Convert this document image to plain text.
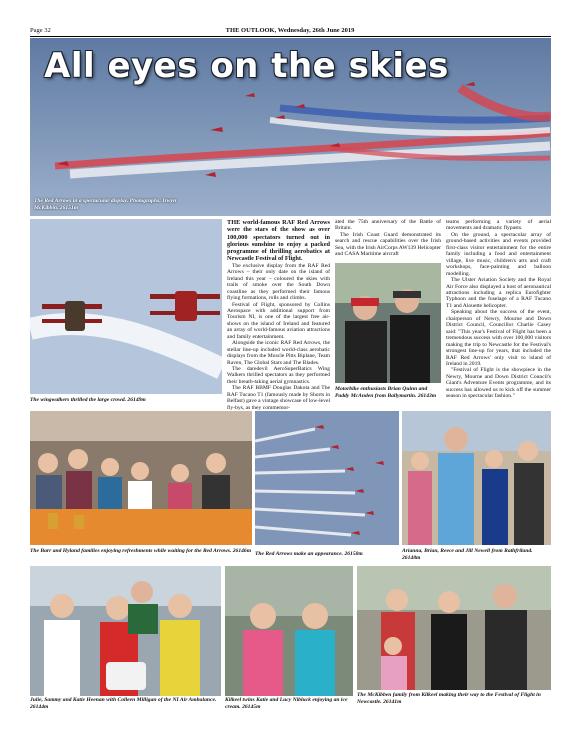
Page 32	THE OUTLOOK, Wednesday, 26th June 2019
All eyes on the skies
The Red Arrows in a spectacular display. Photographs: Irwyn McKibbin. 26151m
The wingwalkers thrilled the large crowd. 26149m

THE world-famous RAF Red Arrows were the stars of the show as over 100,000 spectators turned out in glorious sunshine to enjoy a packed programme of thrilling aerobatics at Newcastle Festival of Flight.

The exclusive display from the RAF Red Arrows – their only date on the island of Ireland this year – coloured the skies with trails of smoke over the South Down coastline as they performed their famous flying formations, rolls and climbs.

Festival of Flight, sponsored by Collins Aerospace with additional support from Tourism NI, is one of the largest free air-shows on the island of Ireland and featured an array of world-famous aviation attractions and family entertainment.

Alongside the iconic RAF Red Arrows, the stellar line-up included world-class aerobatic displays from the Muscle Pitts Biplane, Team Raven, The Global Stars and The Blades.

The daredevil AeroSuperBatics Wing Walkers thrilled spectators as they performed their breath-taking aerial gymnastics.

The RAF BBMF Douglas Dakota and The RAF Tucano T1 (famously made by Shorts in Belfast) gave a vintage showcase of low-level fly-bys, as they commemor-

ated the 75th anniversary of the Battle of Britain.

The Irish Coast Guard demonstrated its search and rescue capabilities over the Irish Sea, with the Irish AirCorps AW139 Helicopter and CASA Maritime aircraft

Motorbike enthusiasts Brian Quinn and Paddy McAnden from Ballymartin. 26143m

teams performing a variety of aerial movements and dramatic flypasts.

On the ground, a spectacular array of ground-based activities and events provided first-class visitor entertainment for the entire family including a food and entertainment village, live music, children's arts and craft workshops, face-painting and balloon modelling.

The Ulster Aviation Society and the Royal Air Force also displayed a host of aeronautical attractions including a replica Eurofighter Typhoon and the fuselage of a RAF Tucano T1 and Alouette helicopter.

Speaking about the success of the event, chairperson of Newry, Mourne and Down District Council, Councillor Charlie Casey said: "This year's Festival of Flight has been a tremendous success with over 100,000 visitors making the trip to Newcastle for the Festival's strongest line-up for years, that included the RAF Red Arrows' only visit to island of Ireland in 2019.

"Festival of Flight is the showpiece in the Newry, Mourne and Down District Council's Giant's Adventure Events programme, and its success has allowed us to kick off the summer season in spectacular fashion."

The Barr and Hyland families enjoying refreshments while waiting for the Red Arrows. 26146m The Red Arrows make an appearance. 26150m	Arianna, Brian, Reece and Jill Newell from Rathfriland. 26148m
Julie, Sammy and Katie Heenan with Colleen Milligan of the NI Air Ambulance. 26144m
Kilkeel twins Katie and Lucy Nibluck enjoying an ice cream. 26145m
The McKibben family from Kilkeel making their way to the Festival of Flight in Newcastle. 26141m
